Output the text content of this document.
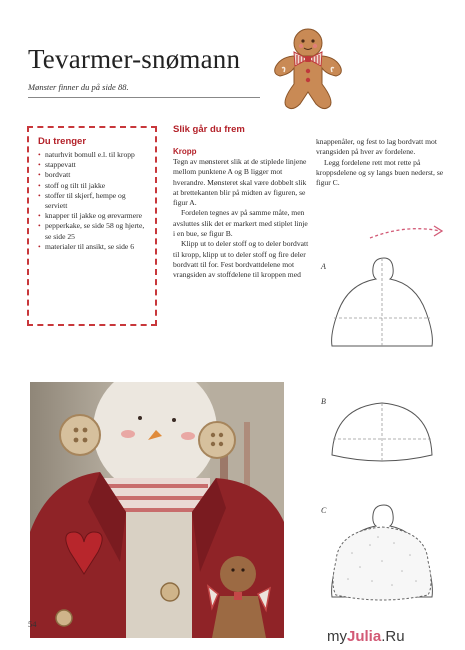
Tevarmer-snømann
Mønster finner du på side 88.
Du trenger
• naturhvit bomull e.l. til kropp
• stappevatt
• bordvatt
• stoff og tilt til jakke
• stoffer til skjerf, hempe og serviett
• knapper til jakke og ørevarmere
• pepperkake, se side 58 og hjerte, se side 25
• materialer til ansikt, se side 6
Slik går du frem
Kropp

Tegn av mønsteret slik at de stiplede linjene mellom punktene A og B ligger mot hverandre. Mønsteret skal være dobbelt slik at brettekanten blir på midten av figuren, se figur A.

Fordelen tegnes av på samme måte, men avsluttes slik det er markert med stiplet linje i en bue, se figur B.

Klipp ut to deler stoff og to deler bordvatt til kropp, klipp ut to deler stoff og fire deler bordvatt til for. Fest bordvattdelene mot vrangsiden av stoffdelene til kroppen med

knappenåler, og fest to lag bordvatt mot vrangsiden på hver av fordelene.

Legg fordelene rett mot rette på kroppsdelene og sy langs buen nederst, se figur C.

A
B
C
54
myJulia.Ru
